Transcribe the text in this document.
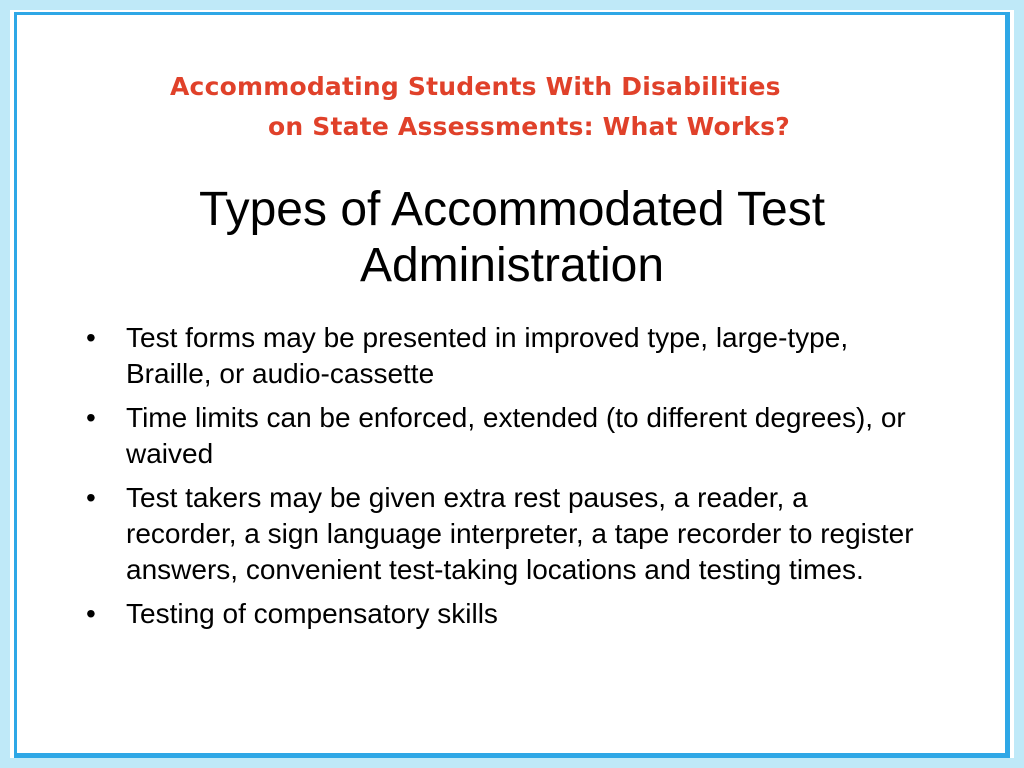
Accommodating Students With Disabilities
on State Assessments: What Works?
Types of Accommodated Test
Administration
• Test forms may be presented in improved type, large-type, Braille, or audio-cassette
• Time limits can be enforced, extended (to different degrees), or waived
• Test takers may be given extra rest pauses, a reader, a recorder, a sign language interpreter, a tape recorder to register answers, convenient test-taking locations and testing times.
• Testing of compensatory skills
